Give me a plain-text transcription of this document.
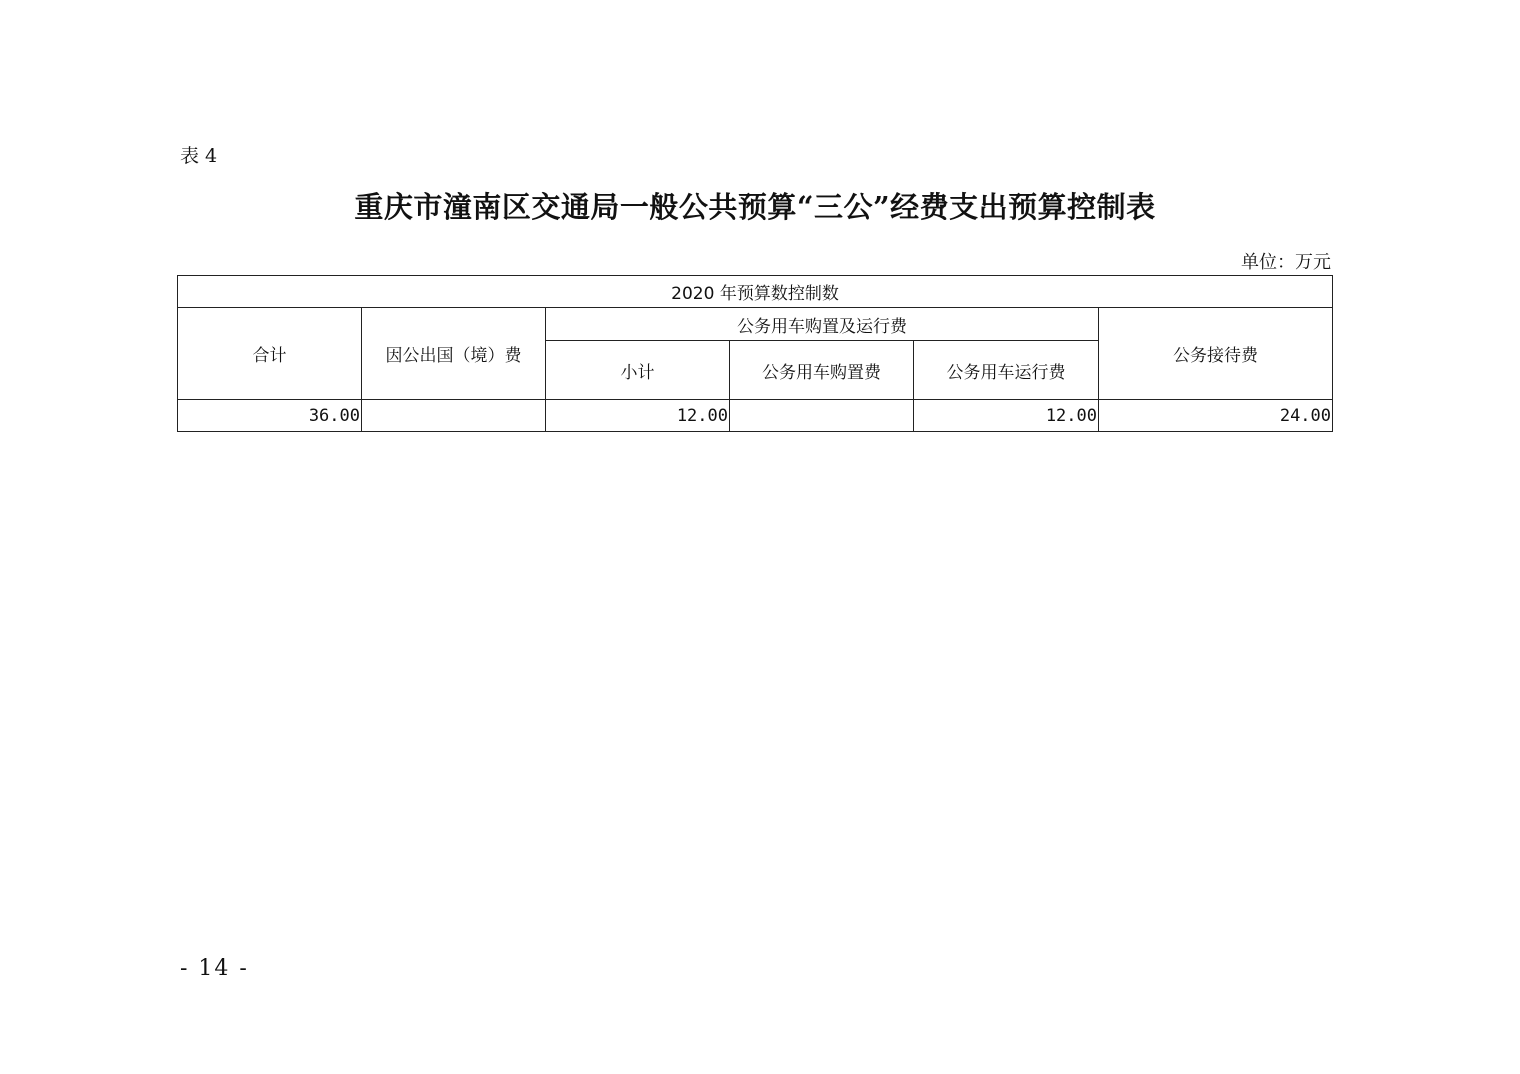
表 4
重庆市潼南区交通局一般公共预算“三公”经费支出预算控制表
单位：万元
2020 年预算数控制数					
合计	因公出国（境）费	公务用车购置及运行费			公务接待费
		小计	公务用车购置费	公务用车运行费	
36.00		12.00		12.00	24.00
- 14 -
